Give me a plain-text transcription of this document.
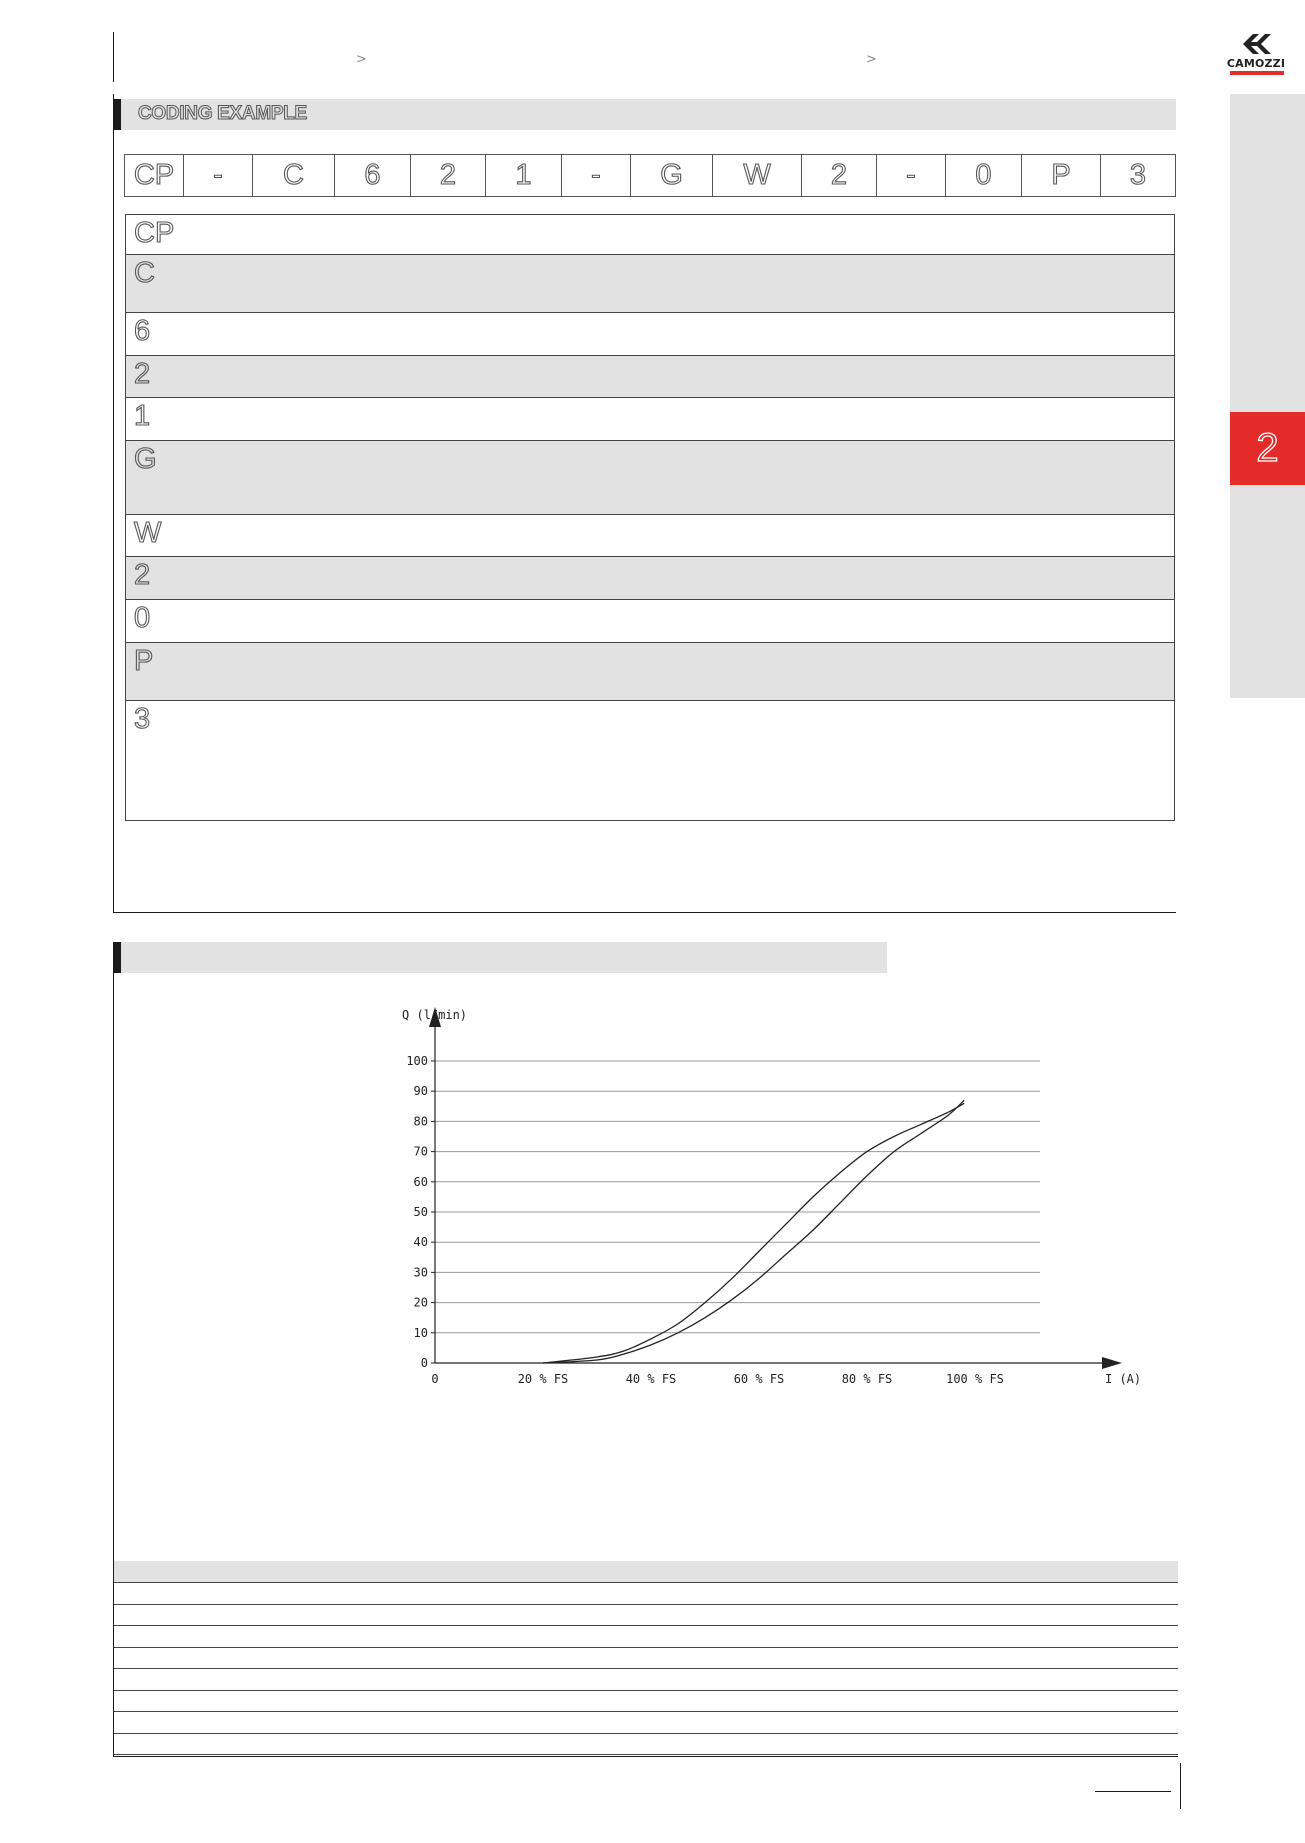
>	>	CAMOZZI
2
CODING EXAMPLE
CP	-	C	6	2	1	-	G	W	2	-	0	P	3
CP
C
6
2
1
G
W
2
0
P
3
0
10
20
30
40
50
60
70
80
90
100
0	20 % FS	40 % FS	60 % FS	80 % FS	100 % FS
Q (l/min)
I (A)
